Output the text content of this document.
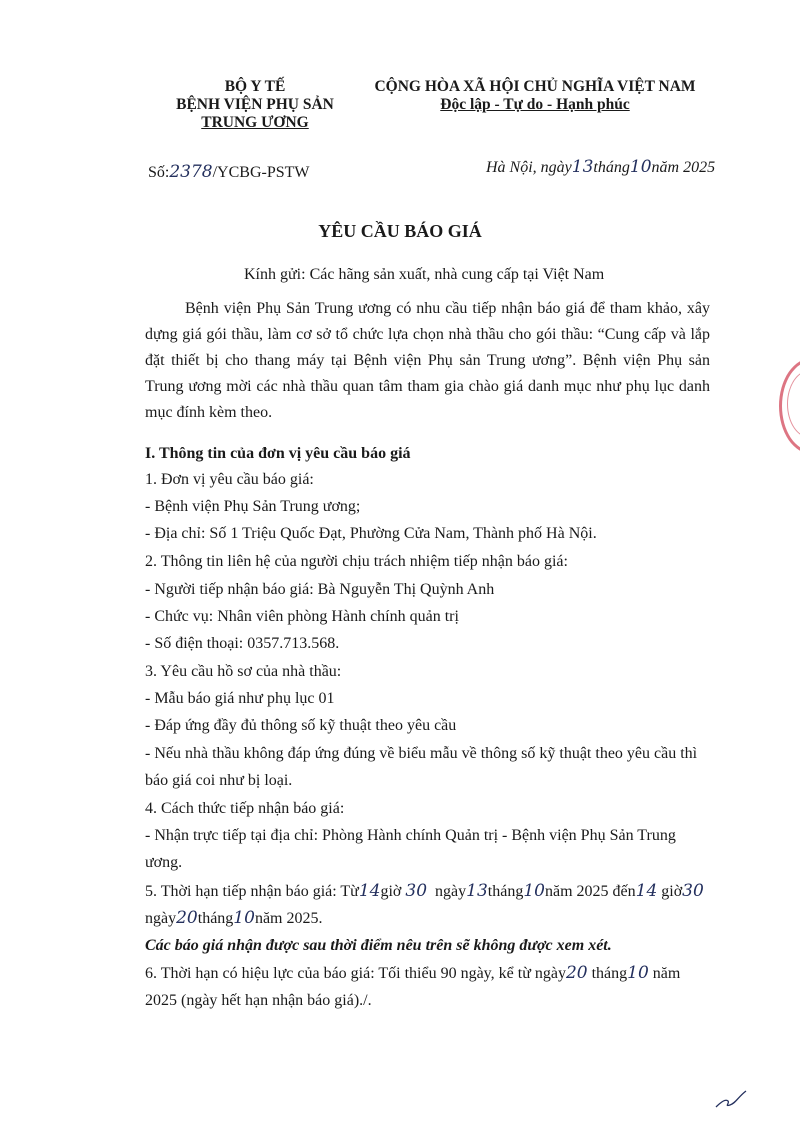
BỘ Y TẾ
BỆNH VIỆN PHỤ SẢN
TRUNG ƯƠNG
CỘNG HÒA XÃ HỘI CHỦ NGHĨA VIỆT NAM
Độc lập - Tự do - Hạnh phúc
Số:2378/YCBG-PSTW	Hà Nội, ngày13tháng10năm 2025
YÊU CẦU BÁO GIÁ
Kính gửi: Các hãng sản xuất, nhà cung cấp tại Việt Nam
Bệnh viện Phụ Sản Trung ương có nhu cầu tiếp nhận báo giá để tham khảo, xây dựng giá gói thầu, làm cơ sở tổ chức lựa chọn nhà thầu cho gói thầu: “Cung cấp và lắp đặt thiết bị cho thang máy tại Bệnh viện Phụ sản Trung ương”. Bệnh viện Phụ sản Trung ương mời các nhà thầu quan tâm tham gia chào giá danh mục như phụ lục danh mục đính kèm theo.
I. Thông tin của đơn vị yêu cầu báo giá
1. Đơn vị yêu cầu báo giá:
- Bệnh viện Phụ Sản Trung ương;
- Địa chỉ: Số 1 Triệu Quốc Đạt, Phường Cửa Nam, Thành phố Hà Nội.
2. Thông tin liên hệ của người chịu trách nhiệm tiếp nhận báo giá:
- Người tiếp nhận báo giá: Bà Nguyễn Thị Quỳnh Anh
- Chức vụ: Nhân viên phòng Hành chính quản trị
- Số điện thoại: 0357.713.568.
3. Yêu cầu hồ sơ của nhà thầu:
- Mẫu báo giá như phụ lục 01
- Đáp ứng đầy đủ thông số kỹ thuật theo yêu cầu
- Nếu nhà thầu không đáp ứng đúng về biểu mẫu về thông số kỹ thuật theo yêu cầu thì
báo giá coi như bị loại.
4. Cách thức tiếp nhận báo giá:
- Nhận trực tiếp tại địa chỉ: Phòng Hành chính Quản trị - Bệnh viện Phụ Sản Trung
ương.
5. Thời hạn tiếp nhận báo giá: Từ14giờ 30 ngày13tháng10năm 2025 đến14 giờ30
ngày20tháng10năm 2025.
Các báo giá nhận được sau thời điểm nêu trên sẽ không được xem xét.
6. Thời hạn có hiệu lực của báo giá: Tối thiểu 90 ngày, kể từ ngày20 tháng10 năm
2025 (ngày hết hạn nhận báo giá)./.
